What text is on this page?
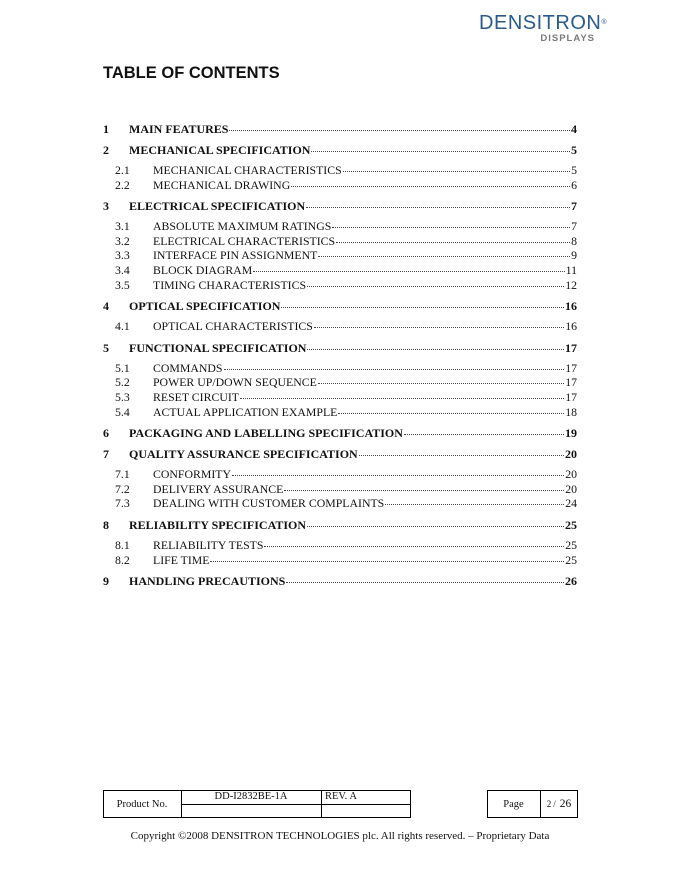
DENSITRON®
DISPLAYS
TABLE OF CONTENTS
1	MAIN FEATURES	4
2	MECHANICAL SPECIFICATION	5
2.1	MECHANICAL CHARACTERISTICS	5
2.2	MECHANICAL DRAWING	6
3	ELECTRICAL SPECIFICATION	7
3.1	ABSOLUTE MAXIMUM RATINGS	7
3.2	ELECTRICAL CHARACTERISTICS	8
3.3	INTERFACE PIN ASSIGNMENT	9
3.4	BLOCK DIAGRAM	11
3.5	TIMING CHARACTERISTICS	12
4	OPTICAL SPECIFICATION	16
4.1	OPTICAL CHARACTERISTICS	16
5	FUNCTIONAL SPECIFICATION	17
5.1	COMMANDS	17
5.2	POWER UP/DOWN SEQUENCE	17
5.3	RESET CIRCUIT	17
5.4	ACTUAL APPLICATION EXAMPLE	18
6	PACKAGING AND LABELLING SPECIFICATION	19
7	QUALITY ASSURANCE SPECIFICATION	20
7.1	CONFORMITY	20
7.2	DELIVERY ASSURANCE	20
7.3	DEALING WITH CUSTOMER COMPLAINTS	24
8	RELIABILITY SPECIFICATION	25
8.1	RELIABILITY TESTS	25
8.2	LIFE TIME	25
9	HANDLING PRECAUTIONS	26
Product No.
DD-I2832BE-1A	REV. A
Page	2 / 26
Copyright ©2008 DENSITRON TECHNOLOGIES plc. All rights reserved. – Proprietary Data
